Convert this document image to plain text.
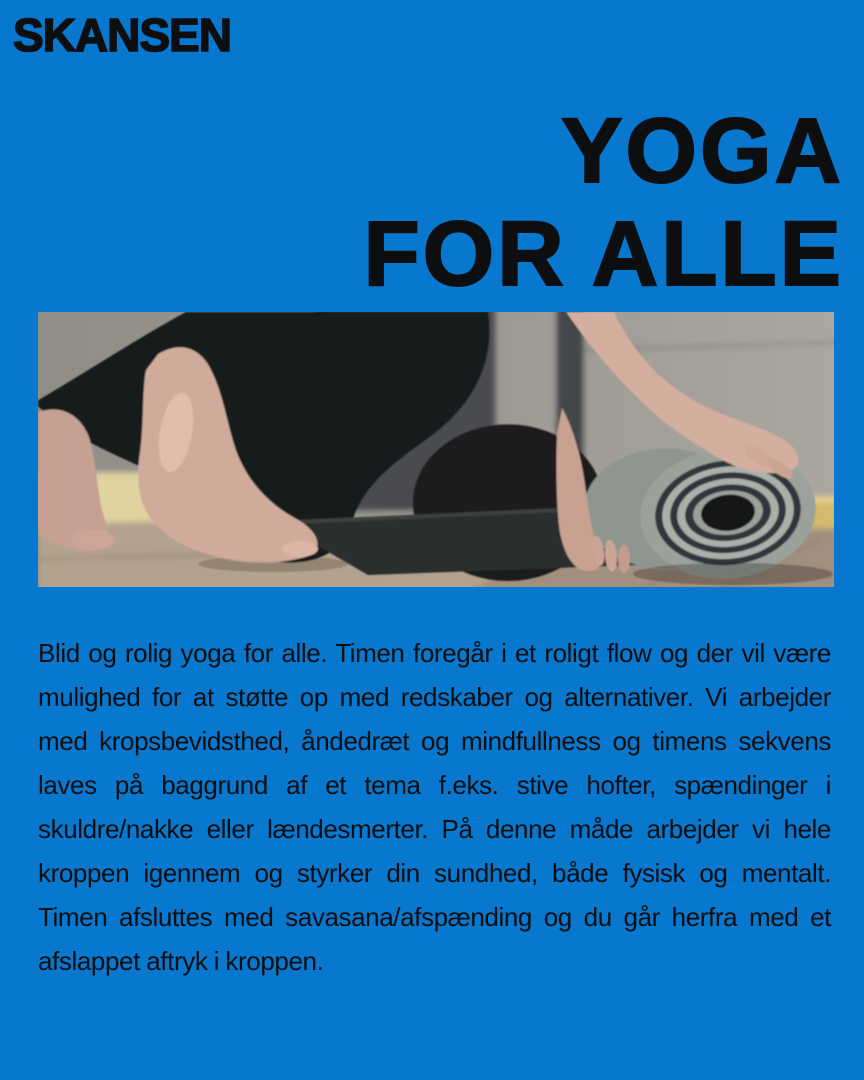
SKANSEN
YOGA
FOR ALLE

Blid og rolig yoga for alle. Timen foregår i et roligt flow og der vil være mulighed for at støtte op med redskaber og alternativer. Vi arbejder med kropsbevidsthed, åndedræt og mindfullness og timens sekvens laves på baggrund af et tema f.eks. stive hofter, spændinger i skuldre/nakke eller lændesmerter. På denne måde arbejder vi hele kroppen igennem og styrker din sundhed, både fysisk og mentalt. Timen afsluttes med savasana/afspænding og du går herfra med et afslappet aftryk i kroppen.
